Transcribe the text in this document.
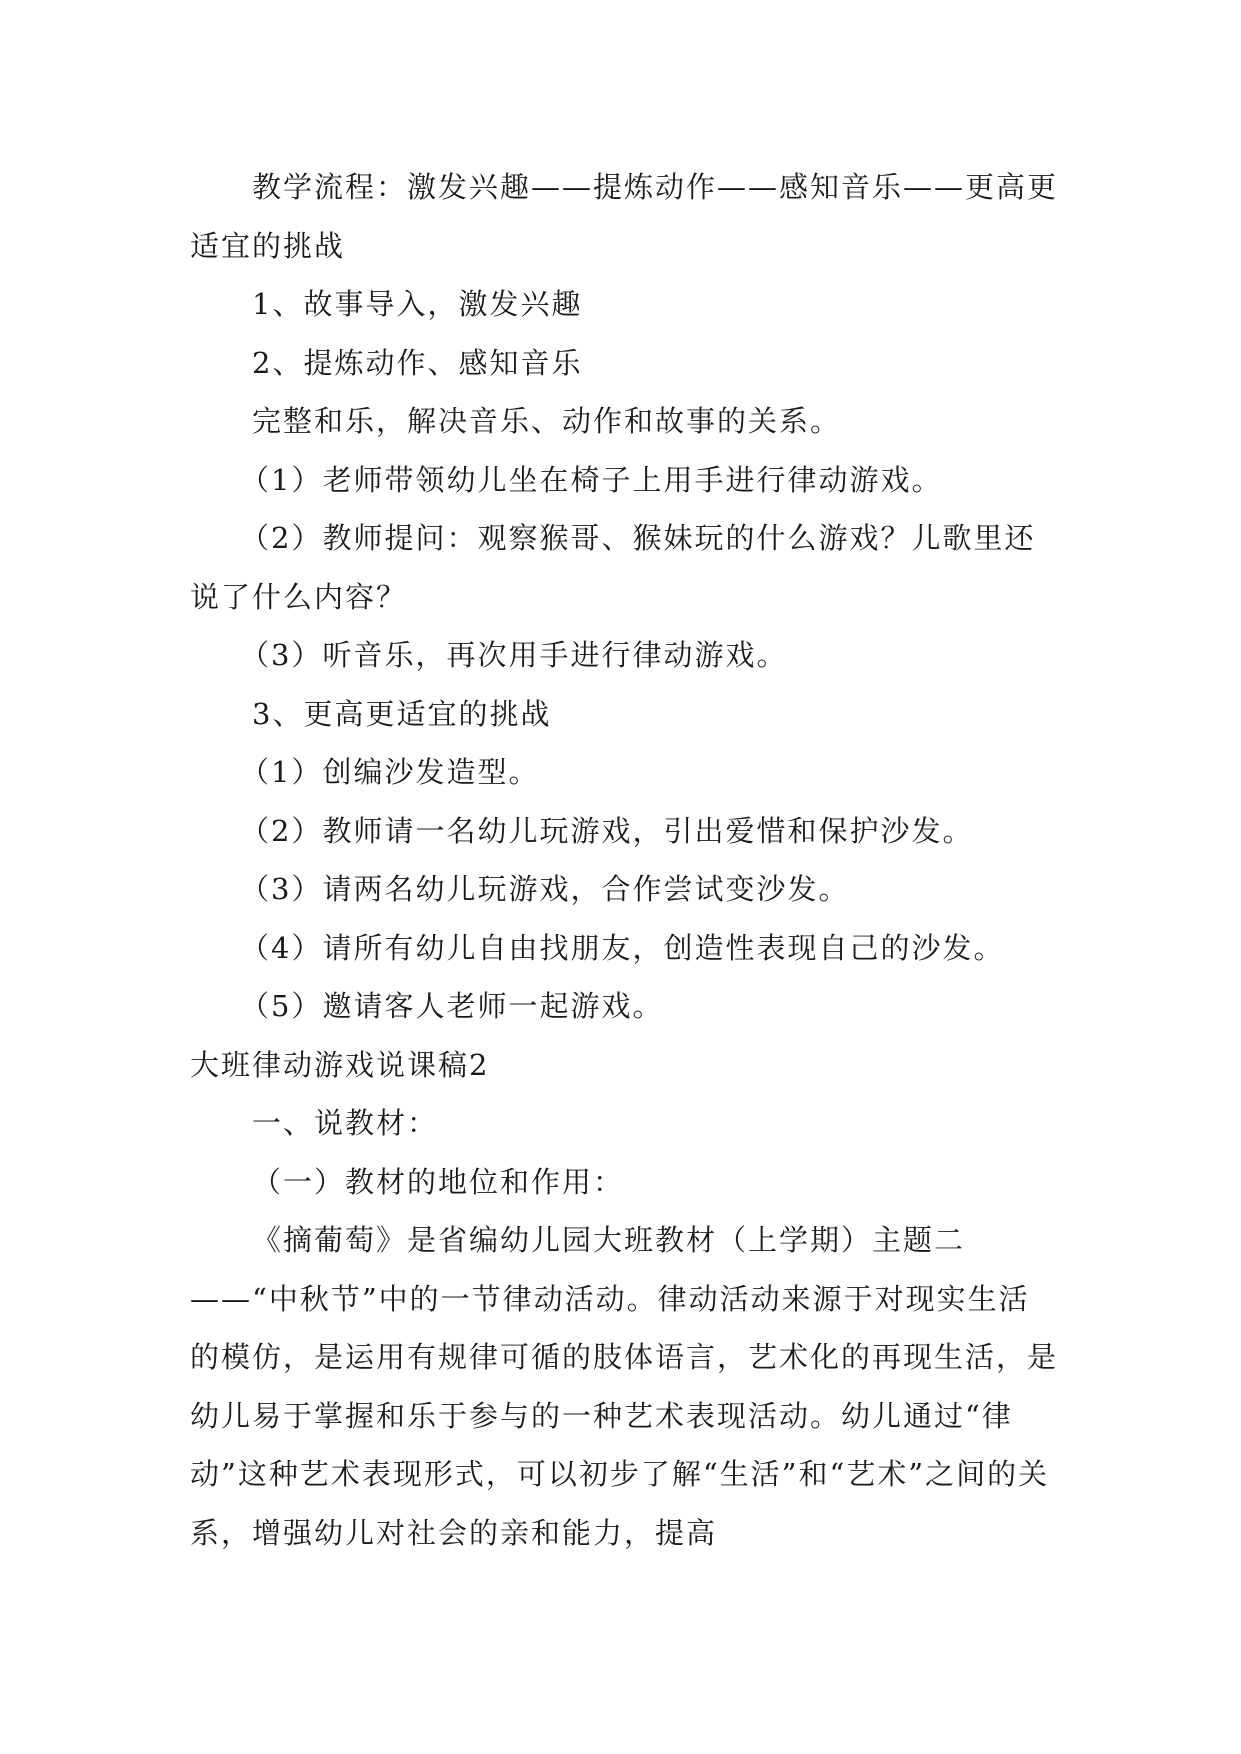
教学流程：激发兴趣——提炼动作——感知音乐——更高更适宜的挑战

1、故事导入，激发兴趣

2、提炼动作、感知音乐

完整和乐，解决音乐、动作和故事的关系。

（1）老师带领幼儿坐在椅子上用手进行律动游戏。

（2）教师提问：观察猴哥、猴妹玩的什么游戏？儿歌里还说了什么内容？

（3）听音乐，再次用手进行律动游戏。

3、更高更适宜的挑战

（1）创编沙发造型。

（2）教师请一名幼儿玩游戏，引出爱惜和保护沙发。

（3）请两名幼儿玩游戏，合作尝试变沙发。

（4）请所有幼儿自由找朋友，创造性表现自己的沙发。

（5）邀请客人老师一起游戏。

大班律动游戏说课稿2

一、说教材：

（一）教材的地位和作用：

《摘葡萄》是省编幼儿园大班教材（上学期）主题二——“中秋节”中的一节律动活动。律动活动来源于对现实生活的模仿，是运用有规律可循的肢体语言，艺术化的再现生活，是幼儿易于掌握和乐于参与的一种艺术表现活动。幼儿通过“律动”这种艺术表现形式，可以初步了解“生活”和“艺术”之间的关系，增强幼儿对社会的亲和能力，提高
